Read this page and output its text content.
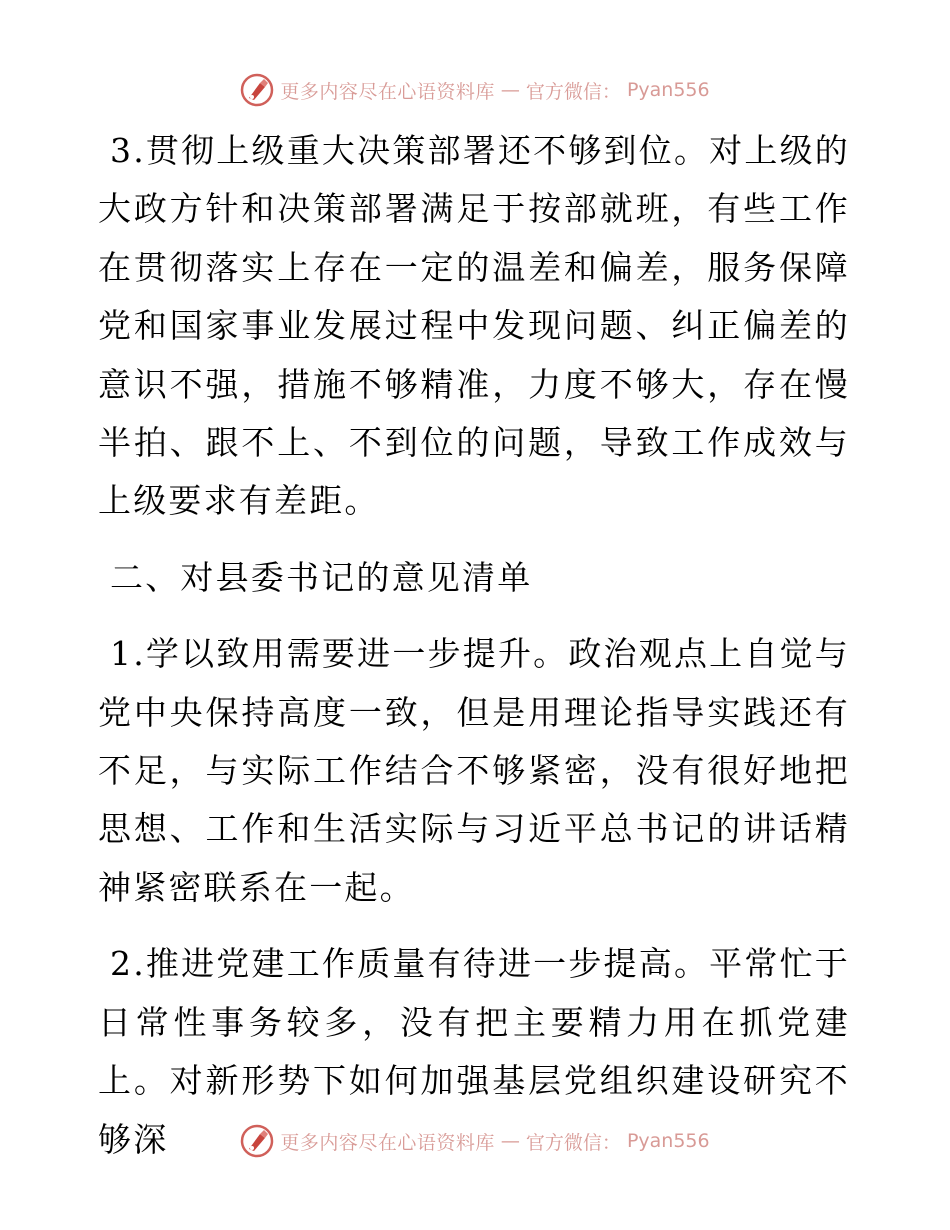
更多内容尽在心语资料库 — 官方微信： Pyan556

3.贯彻上级重大决策部署还不够到位。对上级的大政方针和决策部署满足于按部就班，有些工作在贯彻落实上存在一定的温差和偏差，服务保障党和国家事业发展过程中发现问题、纠正偏差的意识不强，措施不够精准，力度不够大，存在慢半拍、跟不上、不到位的问题，导致工作成效与上级要求有差距。

二、对县委书记的意见清单

1.学以致用需要进一步提升。政治观点上自觉与党中央保持高度一致，但是用理论指导实践还有不足，与实际工作结合不够紧密，没有很好地把思想、工作和生活实际与习近平总书记的讲话精神紧密联系在一起。

2.推进党建工作质量有待进一步提高。平常忙于日常性事务较多，没有把主要精力用在抓党建上。对新形势下如何加强基层党组织建设研究不够深	更多内容尽在心语资料库 — 官方微信： Pyan556
